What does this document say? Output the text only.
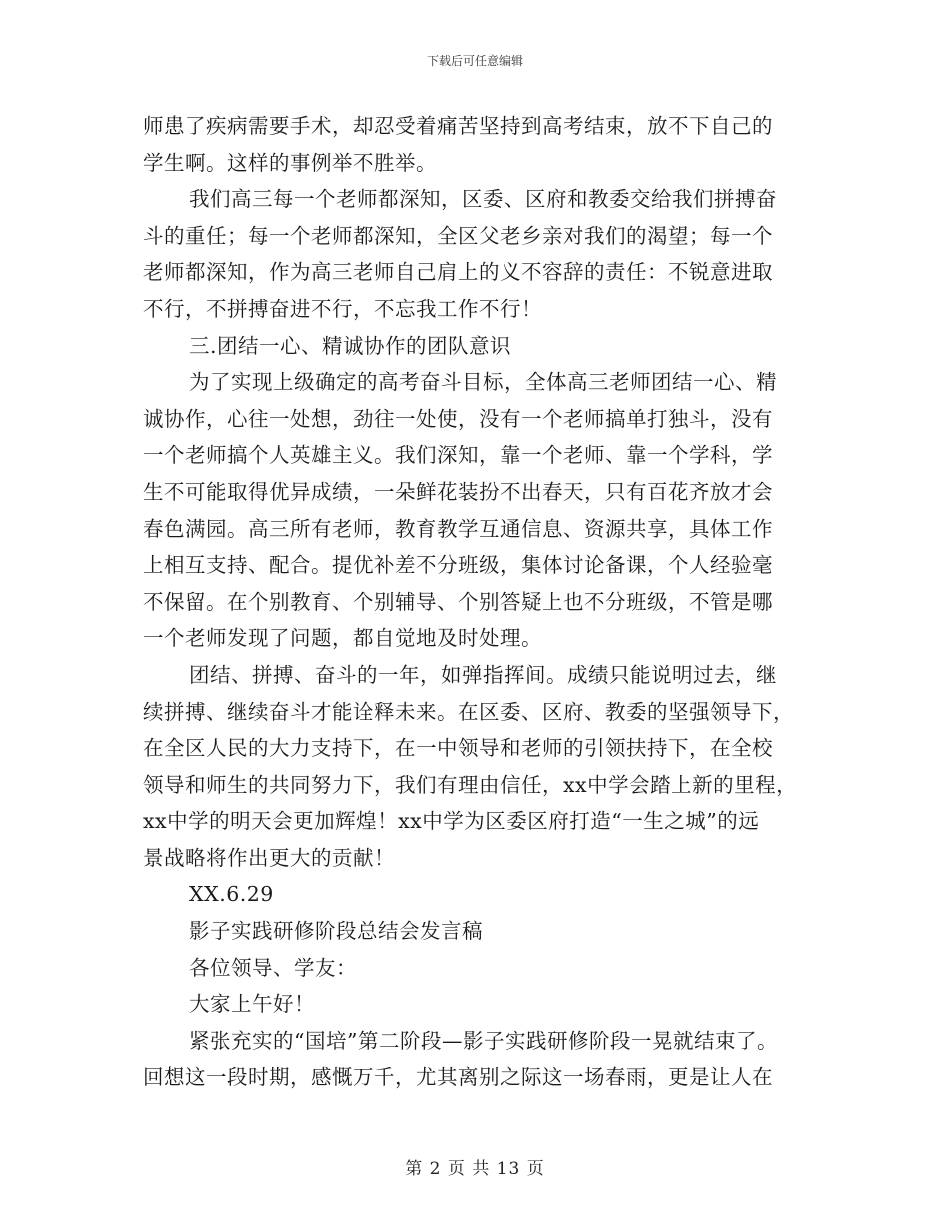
下载后可任意编辑
师患了疾病需要手术，却忍受着痛苦坚持到高考结束，放不下自己的
学生啊。这样的事例举不胜举。
我们高三每一个老师都深知，区委、区府和教委交给我们拼搏奋
斗的重任；每一个老师都深知，全区父老乡亲对我们的渴望；每一个
老师都深知，作为高三老师自己肩上的义不容辞的责任：不锐意进取
不行，不拼搏奋进不行，不忘我工作不行！
三.团结一心、精诚协作的团队意识
为了实现上级确定的高考奋斗目标，全体高三老师团结一心、精
诚协作，心往一处想，劲往一处使，没有一个老师搞单打独斗，没有
一个老师搞个人英雄主义。我们深知，靠一个老师、靠一个学科，学
生不可能取得优异成绩，一朵鲜花装扮不出春天，只有百花齐放才会
春色满园。高三所有老师，教育教学互通信息、资源共享，具体工作
上相互支持、配合。提优补差不分班级，集体讨论备课，个人经验毫
不保留。在个别教育、个别辅导、个别答疑上也不分班级，不管是哪
一个老师发现了问题，都自觉地及时处理。
团结、拼搏、奋斗的一年，如弹指挥间。成绩只能说明过去，继
续拼搏、继续奋斗才能诠释未来。在区委、区府、教委的坚强领导下，
在全区人民的大力支持下，在一中领导和老师的引领扶持下，在全校
领导和师生的共同努力下，我们有理由信任，xx中学会踏上新的里程，
xx中学的明天会更加辉煌！xx中学为区委区府打造“一生之城”的远
景战略将作出更大的贡献！
XX.6.29
影子实践研修阶段总结会发言稿
各位领导、学友：
大家上午好！
紧张充实的“国培”第二阶段—影子实践研修阶段一晃就结束了。
回想这一段时期，感慨万千，尤其离别之际这一场春雨，更是让人在
第 2 页 共 13 页
